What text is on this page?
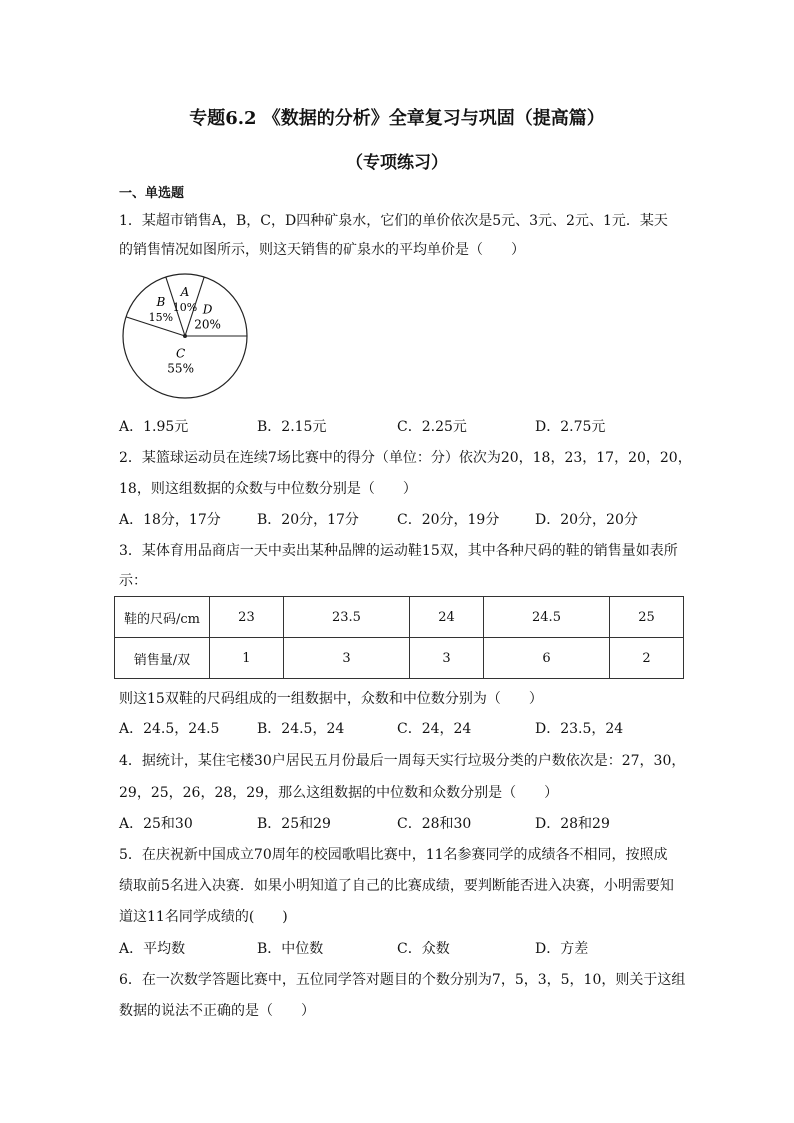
专题6.2 《数据的分析》全章复习与巩固（提高篇）
（专项练习）
一、单选题
1．某超市销售A，B，C，D四种矿泉水，它们的单价依次是5元、3元、2元、1元．某天
的销售情况如图所示，则这天销售的矿泉水的平均单价是（　　）
A
10% D
20%
C
55%
B
15%
A．1.95元	B．2.15元	C．2.25元	D．2.75元
2．某篮球运动员在连续7场比赛中的得分（单位：分）依次为20，18，23，17，20，20，
18，则这组数据的众数与中位数分别是（　　）
A．18分，17分	B．20分，17分	C．20分，19分	D．20分，20分
3．某体育用品商店一天中卖出某种品牌的运动鞋15双，其中各种尺码的鞋的销售量如表所
示：
鞋的尺码/cm	23	23.5	24	24.5	25
销售量/双	1	3	3	6	2
则这15双鞋的尺码组成的一组数据中，众数和中位数分别为（　　）
A．24.5，24.5	B．24.5，24	C．24，24	D．23.5，24
4．据统计，某住宅楼30户居民五月份最后一周每天实行垃圾分类的户数依次是：27，30，
29，25，26，28，29，那么这组数据的中位数和众数分别是（　　）
A．25和30	B．25和29	C．28和30	D．28和29
5．在庆祝新中国成立70周年的校园歌唱比赛中，11名参赛同学的成绩各不相同，按照成
绩取前5名进入决赛．如果小明知道了自己的比赛成绩，要判断能否进入决赛，小明需要知
道这11名同学成绩的(　　)
A．平均数	B．中位数	C．众数	D．方差
6．在一次数学答题比赛中，五位同学答对题目的个数分别为7，5，3，5，10，则关于这组
数据的说法不正确的是（　　）
